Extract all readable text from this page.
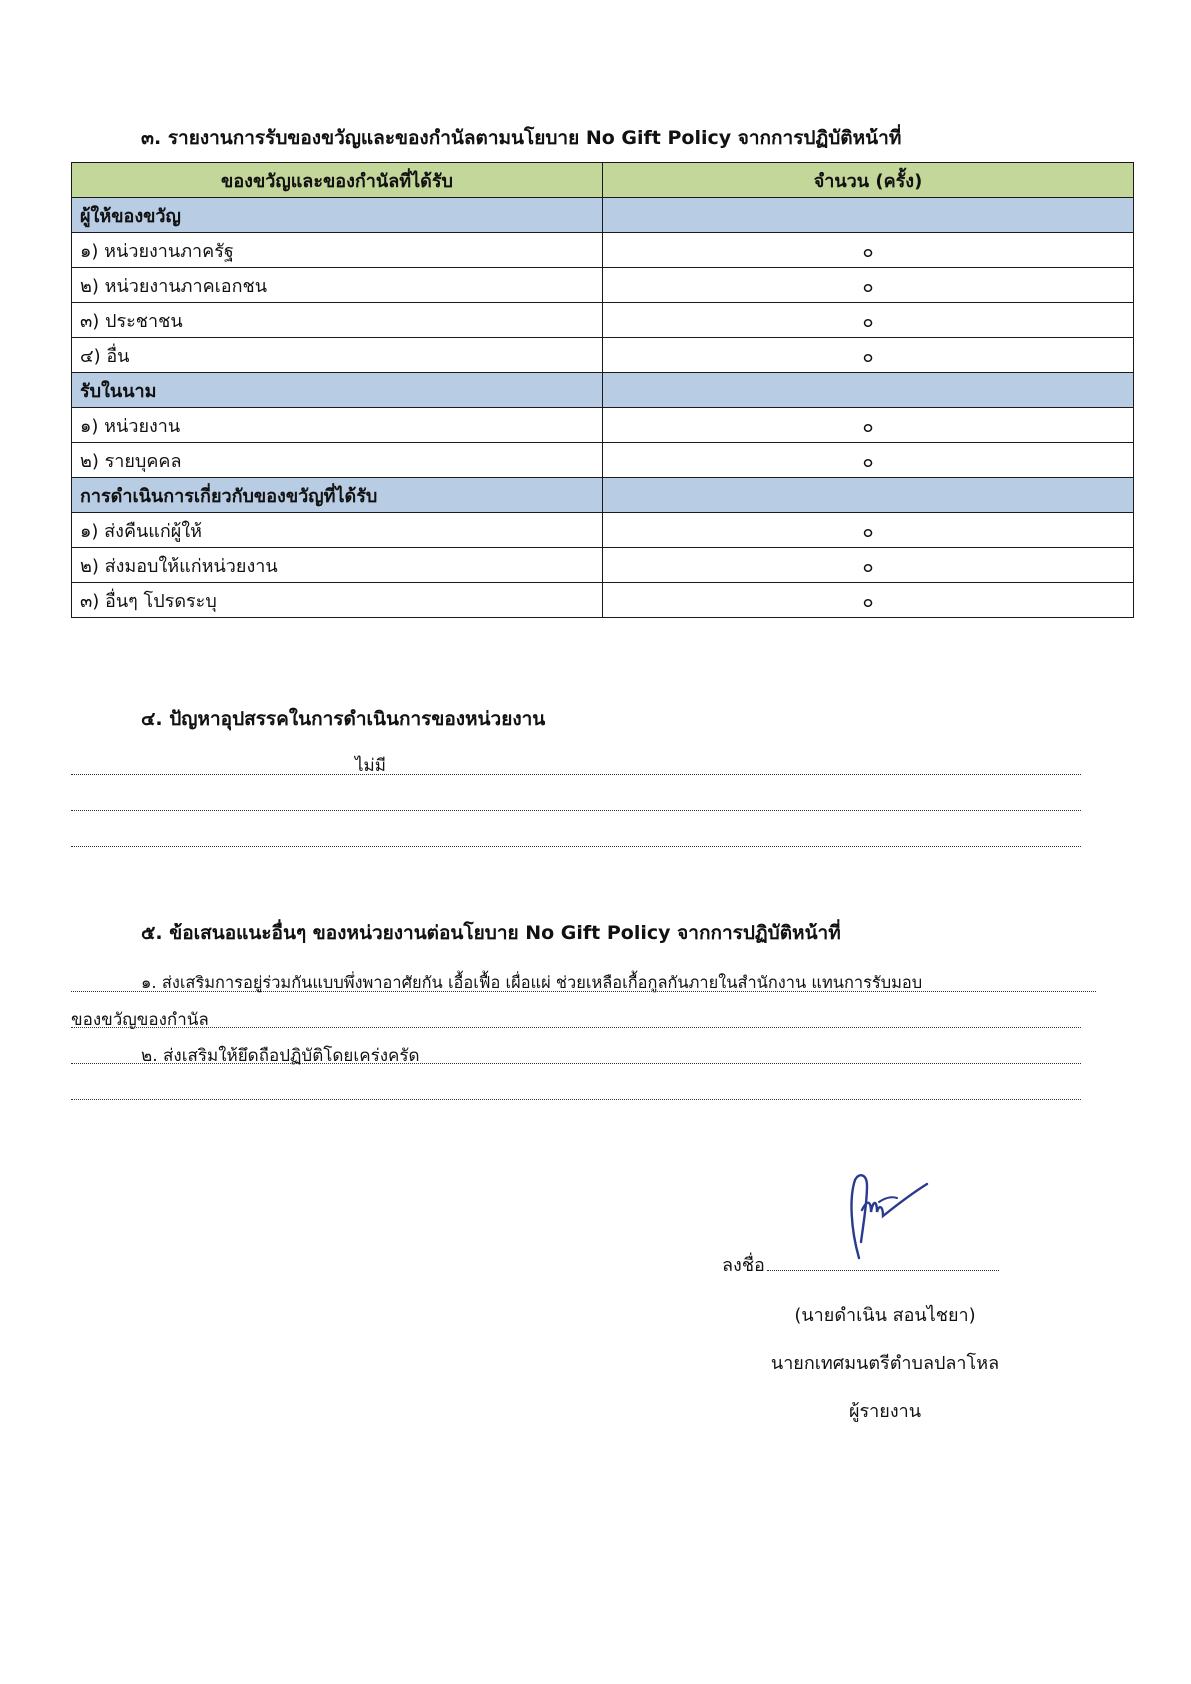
๓. รายงานการรับของขวัญและของกำนัลตามนโยบาย No Gift Policy จากการปฏิบัติหน้าที่
ของขวัญและของกำนัลที่ได้รับ	จำนวน (ครั้ง)
ผู้ให้ของขวัญ	
๑) หน่วยงานภาครัฐ	๐
๒) หน่วยงานภาคเอกชน	๐
๓) ประชาชน	๐
๔) อื่น	๐
รับในนาม	
๑) หน่วยงาน	๐
๒) รายบุคคล	๐
การดำเนินการเกี่ยวกับของขวัญที่ได้รับ	
๑) ส่งคืนแก่ผู้ให้	๐
๒) ส่งมอบให้แก่หน่วยงาน	๐
๓) อื่นๆ โปรดระบุ	๐
๔. ปัญหาอุปสรรคในการดำเนินการของหน่วยงาน
ไม่มี
๕. ข้อเสนอแนะอื่นๆ ของหน่วยงานต่อนโยบาย No Gift Policy จากการปฏิบัติหน้าที่
๑. ส่งเสริมการอยู่ร่วมกันแบบพึ่งพาอาศัยกัน เอื้อเฟื้อ เผื่อแผ่ ช่วยเหลือเกื้อกูลกันภายในสำนักงาน แทนการรับมอบ
ของขวัญของกำนัล
๒. ส่งเสริมให้ยึดถือปฏิบัติโดยเคร่งครัด
ลงชื่อ
(นายดำเนิน สอนไชยา)
นายกเทศมนตรีตำบลปลาโหล
ผู้รายงาน
